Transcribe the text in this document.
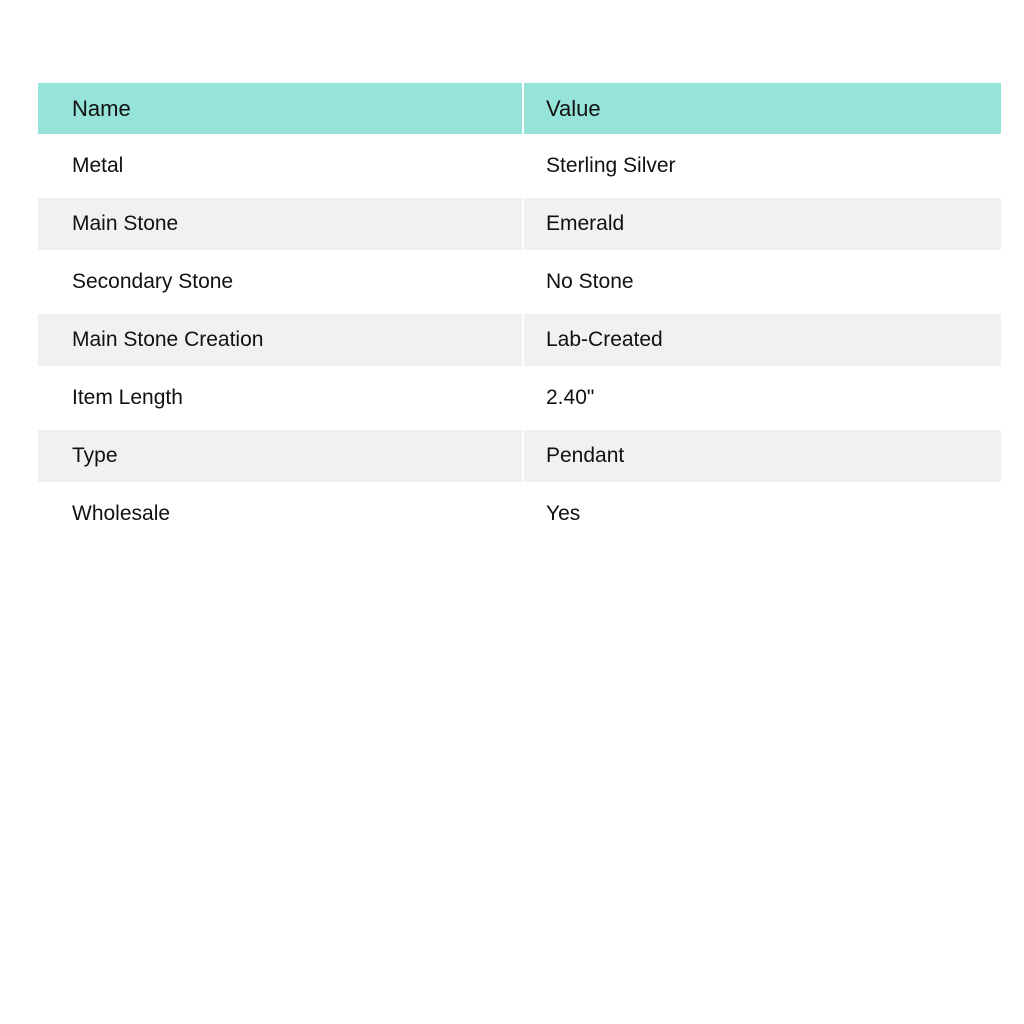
Name	Value
Metal	Sterling Silver
Main Stone	Emerald
Secondary Stone	No Stone
Main Stone Creation	Lab-Created
Item Length	2.40"
Type	Pendant
Wholesale	Yes
